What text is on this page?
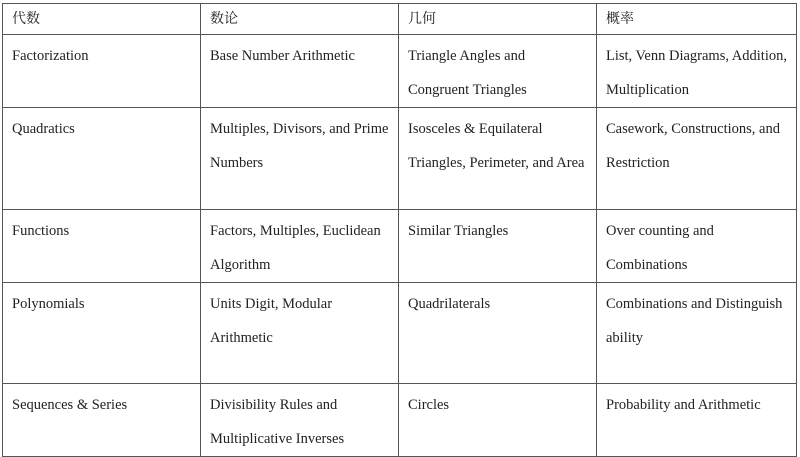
代数	数论	几何	概率
Factorization	Base Number Arithmetic	Triangle Angles and Congruent Triangles	List, Venn Diagrams, Addition, Multiplication
Quadratics	Multiples, Divisors, and Prime Numbers	Isosceles & Equilateral Triangles, Perimeter, and Area	Casework, Constructions, and Restriction
Functions	Factors, Multiples, Euclidean Algorithm	Similar Triangles	Over counting and Combinations
Polynomials	Units Digit, Modular Arithmetic	Quadrilaterals	Combinations and Distinguish ability
Sequences & Series	Divisibility Rules and Multiplicative Inverses	Circles	Probability and Arithmetic
